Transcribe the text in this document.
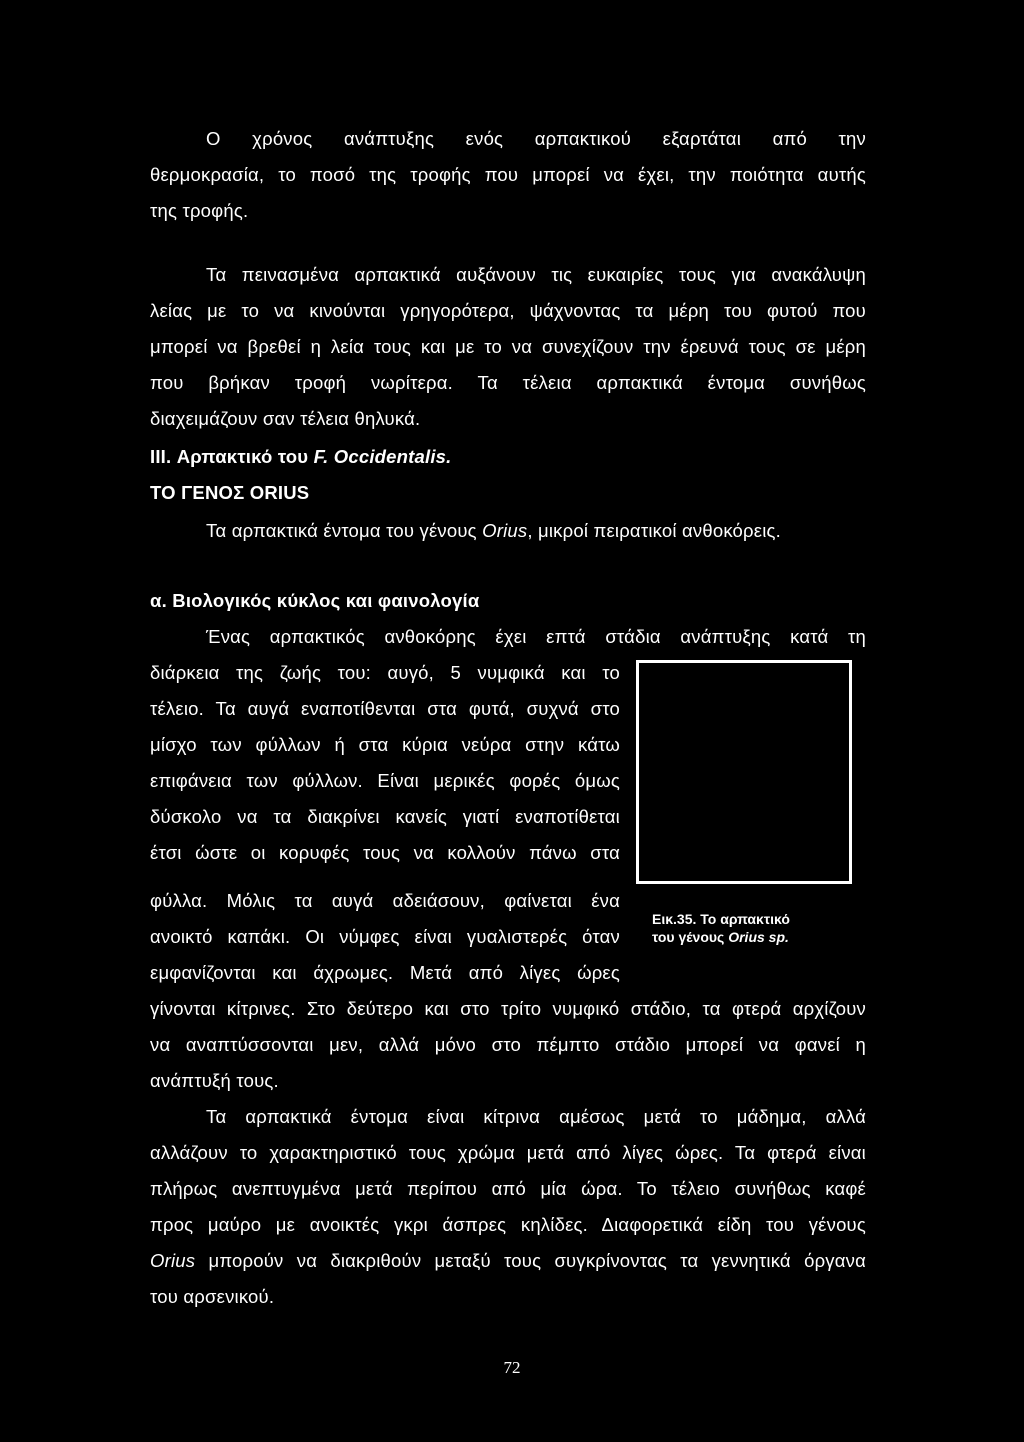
Ο χρόνος ανάπτυξης ενός αρπακτικού εξαρτάται από την
θερμοκρασία, το ποσό της τροφής που μπορεί να έχει, την ποιότητα αυτής
της τροφής.
Τα πεινασμένα αρπακτικά αυξάνουν τις ευκαιρίες τους για ανακάλυψη
λείας με το να κινούνται γρηγορότερα, ψάχνοντας τα μέρη του φυτού που
μπορεί να βρεθεί η λεία τους και με το να συνεχίζουν την έρευνά τους σε μέρη
που βρήκαν τροφή νωρίτερα. Τα τέλεια αρπακτικά έντομα συνήθως
διαχειμάζουν σαν τέλεια θηλυκά.
III. Αρπακτικό του F. Occidentalis.
ΤΟ ΓΕΝΟΣ ORIUS
Τα αρπακτικά έντομα του γένους Orius, μικροί πειρατικοί ανθοκόρεις.
α. Βιολογικός κύκλος και φαινολογία
Ένας αρπακτικός ανθοκόρης έχει επτά στάδια ανάπτυξης κατά τη
διάρκεια της ζωής του: αυγό, 5 νυμφικά και το
τέλειο. Τα αυγά εναποτίθενται στα φυτά, συχνά στο
μίσχο των φύλλων ή στα κύρια νεύρα στην κάτω
επιφάνεια των φύλλων. Είναι μερικές φορές όμως
δύσκολο να τα διακρίνει κανείς γιατί εναποτίθεται
έτσι ώστε οι κορυφές τους να κολλούν πάνω στα
φύλλα. Μόλις τα αυγά αδειάσουν, φαίνεται ένα
ανοικτό καπάκι. Οι νύμφες είναι γυαλιστερές όταν
εμφανίζονται και άχρωμες. Μετά από λίγες ώρες
γίνονται κίτρινες. Στο δεύτερο και στο τρίτο νυμφικό στάδιο, τα φτερά αρχίζουν
να αναπτύσσονται μεν, αλλά μόνο στο πέμπτο στάδιο μπορεί να φανεί η
ανάπτυξή τους.
Εικ.35. Το αρπακτικό
του γένους Orius sp.
Τα αρπακτικά έντομα είναι κίτρινα αμέσως μετά το μάδημα, αλλά
αλλάζουν το χαρακτηριστικό τους χρώμα μετά από λίγες ώρες. Τα φτερά είναι
πλήρως ανεπτυγμένα μετά περίπου από μία ώρα. Το τέλειο συνήθως καφέ
προς μαύρο με ανοικτές γκρι άσπρες κηλίδες. Διαφορετικά είδη του γένους
Orius μπορούν να διακριθούν μεταξύ τους συγκρίνοντας τα γεννητικά όργανα
του αρσενικού.
72
